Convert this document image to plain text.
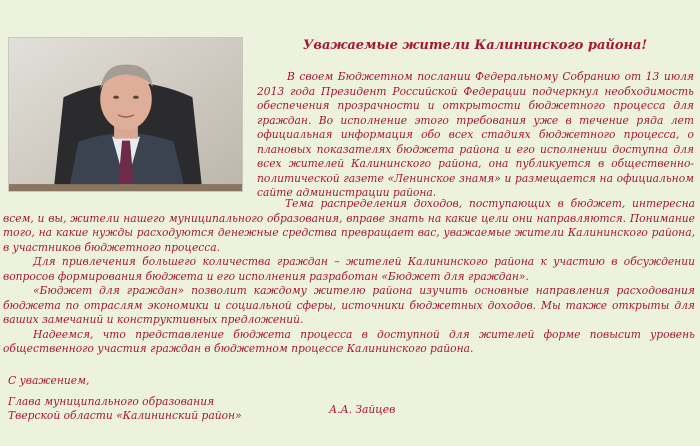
Уважаемые жители Калининского района!

В своем Бюджетном послании Федеральному Собранию от 13 июля 2013 года Президент Российской Федерации подчеркнул необходимость обеспечения прозрачности и открытости бюджетного процесса для граждан. Во исполнение этого требования уже в течение ряда лет официальная информация обо всех стадиях бюджетного процесса, о плановых показателях бюджета района и его исполнении доступна для всех жителей Калининского района, она публикуется в общественно-политической газете «Ленинское знамя» и размещается на официальном сайте администрации района.

Тема распределения доходов, поступающих в бюджет, интересна всем, и вы, жители нашего муниципального образования, вправе знать на какие цели они направляются. Понимание того, на какие нужды расходуются денежные средства превращает вас, уважаемые жители Калининского района, в участников бюджетного процесса.

Для привлечения большего количества граждан – жителей Калининского района к участию в обсуждении вопросов формирования бюджета и его исполнения разработан «Бюджет для граждан».

«Бюджет для граждан» позволит каждому жителю района изучить основные направления расходования бюджета по отраслям экономики и социальной сферы, источники бюджетных доходов. Мы также открыты для ваших замечаний и конструктивных предложений.

Надеемся, что представление бюджета процесса в доступной для жителей форме повысит уровень общественного участия граждан в бюджетном процессе Калининского района.

С уважением,

Глава муниципального образования
Тверской области «Калининский район»	А.А. Зайцев
